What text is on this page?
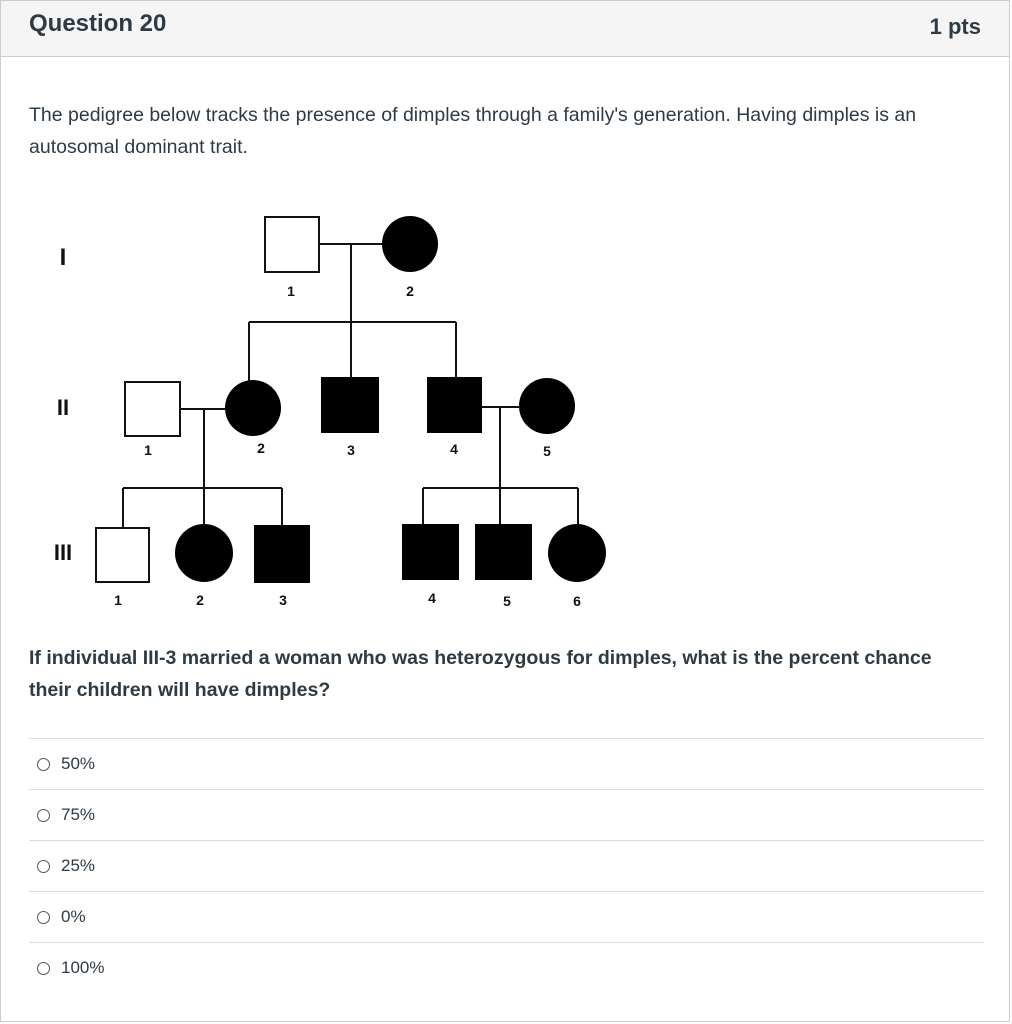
Question 20	1 pts
The pedigree below tracks the presence of dimples through a family's generation. Having dimples is an autosomal dominant trait.
I
II
III
1	2
1	2	3	4	5
1	2	3	4	5	6
If individual III-3 married a woman who was heterozygous for dimples, what is the percent chance their children will have dimples?
50%
75%
25%
0%
100%
